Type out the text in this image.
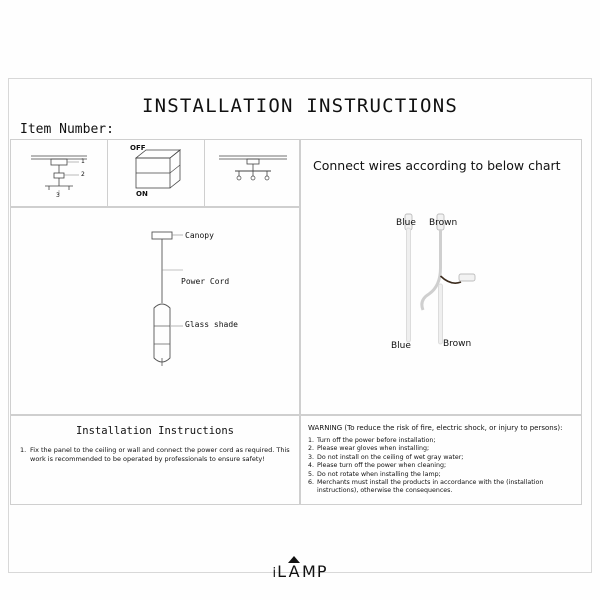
INSTALLATION INSTRUCTIONS
Item Number:
1
2
3
OFF
ON
Canopy
Power Cord
Glass shade
Connect wires according to below chart
Blue Brown
Blue	Brown
Installation Instructions
1. Fix the panel to the ceiling or wall and connect the power cord as required. This work is recommended to be operated by professionals to ensure safety!
WARNING (To reduce the risk of fire, electric shock, or injury to persons):
1. Turn off the power before installation;
2. Please wear gloves when installing;
3. Do not install on the ceiling of wet gray water;
4. Please turn off the power when cleaning;
5. Do not rotate when installing the lamp;
6. Merchants must install the products in accordance with the (installation instructions), otherwise the consequences.
iL
AMP
